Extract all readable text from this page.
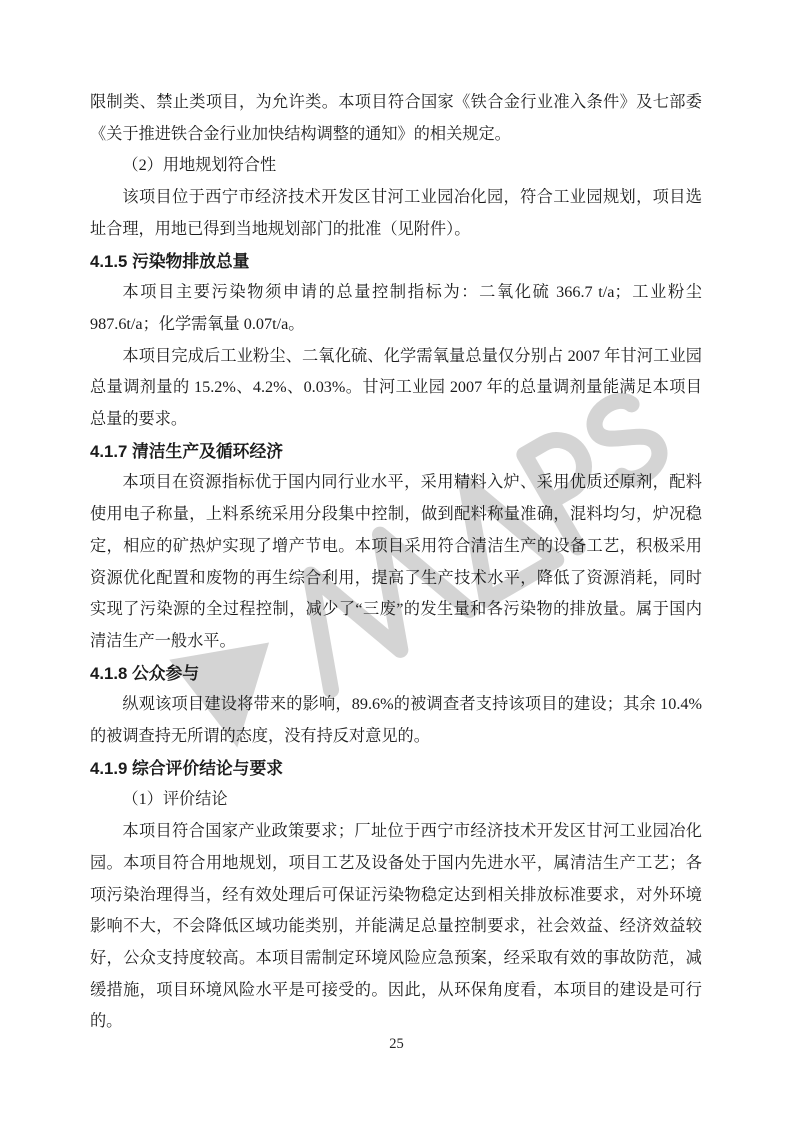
限制类、禁止类项目，为允许类。本项目符合国家《铁合金行业准入条件》及七部委《关于推进铁合金行业加快结构调整的通知》的相关规定。

（2）用地规划符合性

该项目位于西宁市经济技术开发区甘河工业园冶化园，符合工业园规划，项目选址合理，用地已得到当地规划部门的批准（见附件）。

4.1.5 污染物排放总量

本项目主要污染物须申请的总量控制指标为：二氧化硫 366.7 t/a；工业粉尘 987.6t/a；化学需氧量 0.07t/a。

本项目完成后工业粉尘、二氧化硫、化学需氧量总量仅分别占 2007 年甘河工业园总量调剂量的 15.2%、4.2%、0.03%。甘河工业园 2007 年的总量调剂量能满足本项目总量的要求。

4.1.7 清洁生产及循环经济

本项目在资源指标优于国内同行业水平，采用精料入炉、采用优质还原剂，配料使用电子称量，上料系统采用分段集中控制，做到配料称量准确，混料均匀，炉况稳定，相应的矿热炉实现了增产节电。本项目采用符合清洁生产的设备工艺，积极采用资源优化配置和废物的再生综合利用，提高了生产技术水平，降低了资源消耗，同时实现了污染源的全过程控制，减少了“三废”的发生量和各污染物的排放量。属于国内清洁生产一般水平。

4.1.8 公众参与

纵观该项目建设将带来的影响，89.6%的被调查者支持该项目的建设；其余 10.4%的被调查持无所谓的态度，没有持反对意见的。

4.1.9 综合评价结论与要求

（1）评价结论

本项目符合国家产业政策要求；厂址位于西宁市经济技术开发区甘河工业园冶化园。本项目符合用地规划，项目工艺及设备处于国内先进水平，属清洁生产工艺；各项污染治理得当，经有效处理后可保证污染物稳定达到相关排放标准要求，对外环境影响不大，不会降低区域功能类别，并能满足总量控制要求，社会效益、经济效益较好，公众支持度较高。本项目需制定环境风险应急预案，经采取有效的事故防范，减缓措施，项目环境风险水平是可接受的。因此，从环保角度看，本项目的建设是可行的。

25
